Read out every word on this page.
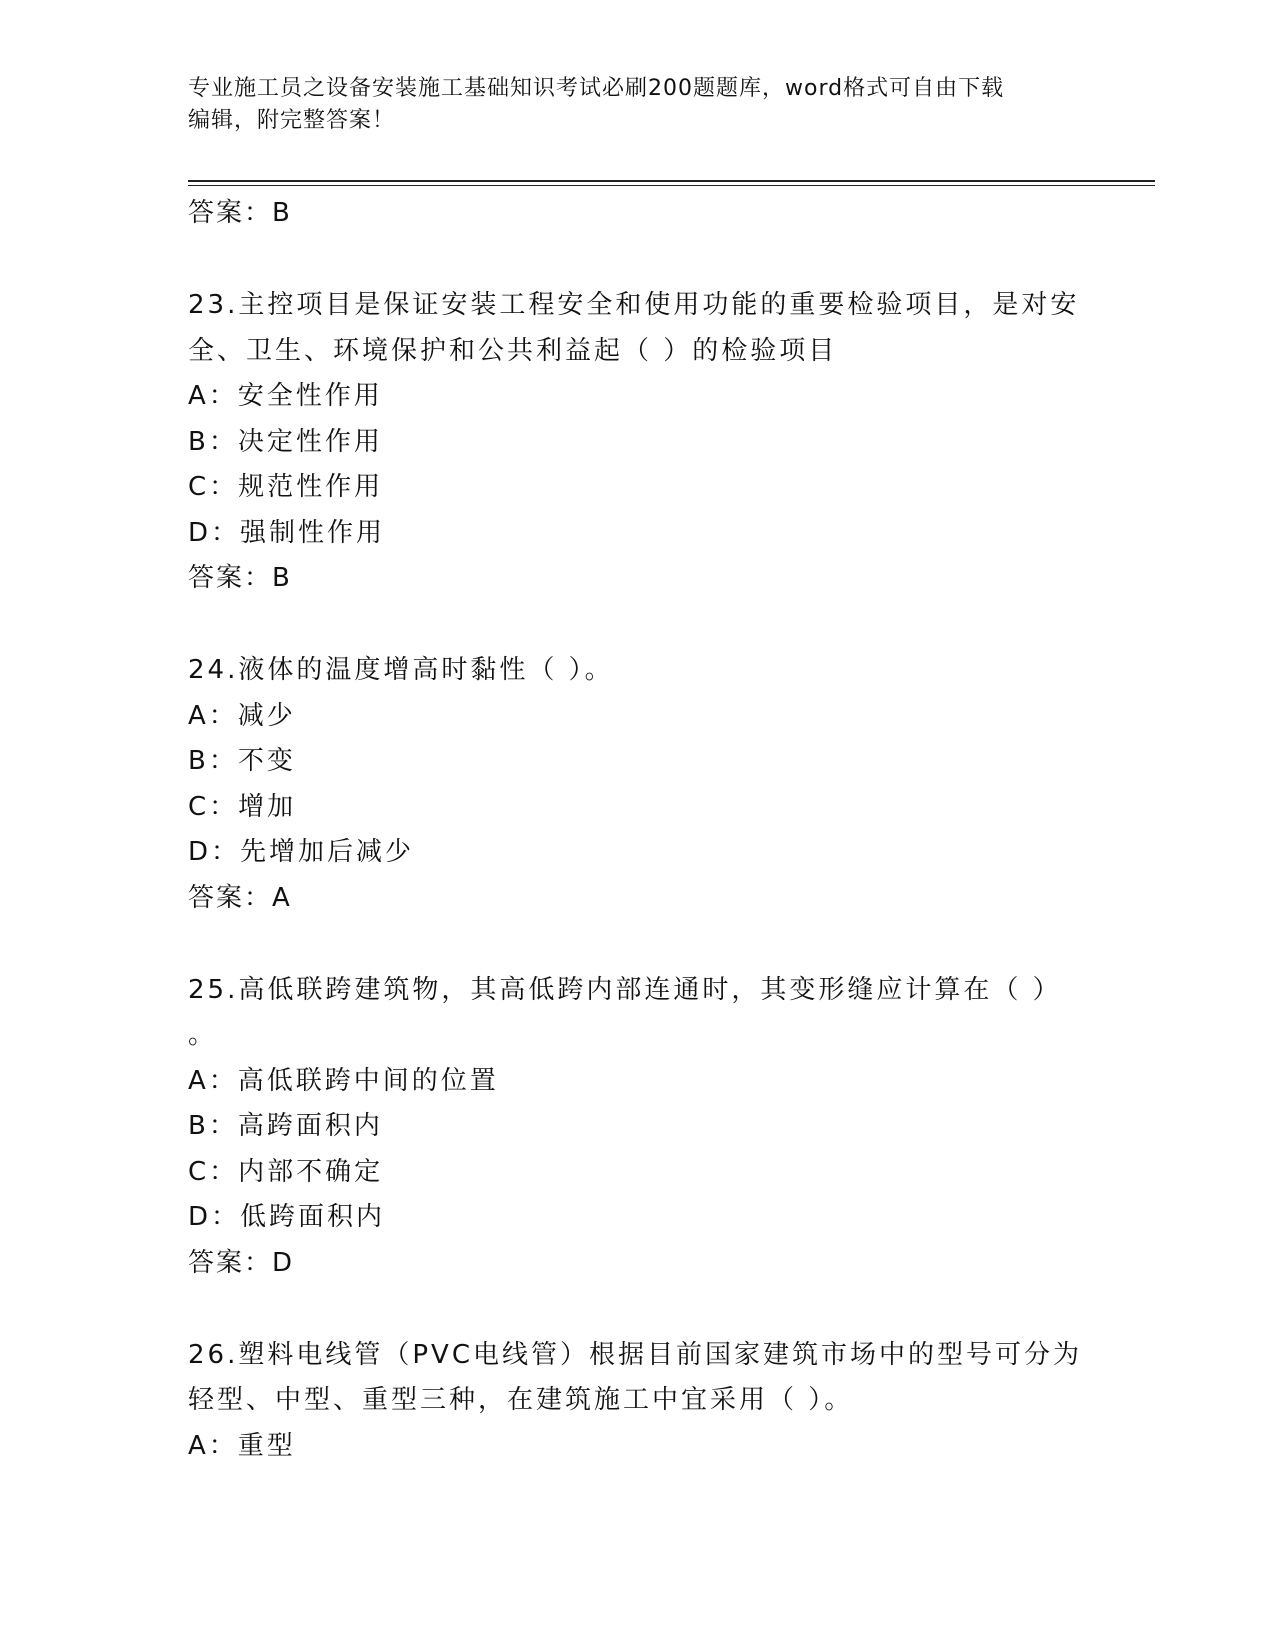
专业施工员之设备安装施工基础知识考试必刷200题题库，word格式可自由下载
编辑，附完整答案！
答案：B
23.主控项目是保证安装工程安全和使用功能的重要检验项目，是对安
全、卫生、环境保护和公共利益起（ ）的检验项目
A：安全性作用
B：决定性作用
C：规范性作用
D：强制性作用
答案：B
24.液体的温度增高时黏性（ ）。
A：减少
B：不变
C：增加
D：先增加后减少
答案：A
25.高低联跨建筑物，其高低跨内部连通时，其变形缝应计算在（ ）
。
A：高低联跨中间的位置
B：高跨面积内
C：内部不确定
D：低跨面积内
答案：D
26.塑料电线管（PVC电线管）根据目前国家建筑市场中的型号可分为
轻型、中型、重型三种，在建筑施工中宜采用（ ）。
A：重型
